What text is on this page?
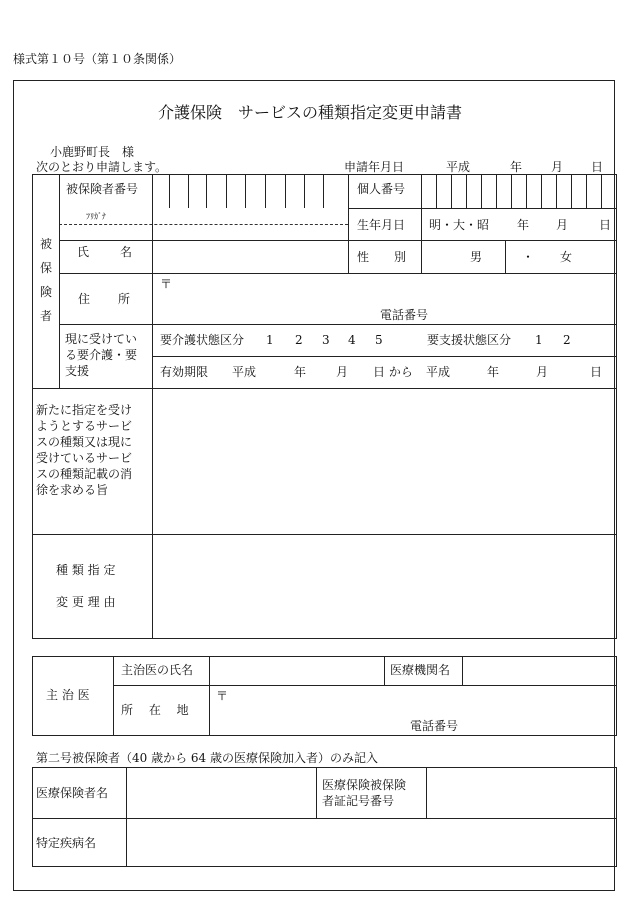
様式第１０号（第１０条関係）
介護保険　サービスの種類指定変更申請書
小鹿野町長　様
次のとおり申請します。	申請年月日	平成	年 月 日
被
保
険
者
被保険者番号	個人番号
ﾌﾘｶﾞﾅ
氏	名
生年月日 明・大・昭 年 月	日
性 別	男	・ 女
住 所
〒
電話番号
現に受けてい
る要介護・要
支援
要介護状態区分 1 2 3 4 5	要支援状態区分 1 2
有効期限 平成	年 月 日 から 平成	年	月	日
新たに指定を受け
ようとするサービ
スの種類又は現に
受けているサービ
スの種類記載の消
徐を求める旨
種 類 指 定
変 更 理 由
主 治 医
主治医の氏名	医療機関名
所　 在　 地
〒
電話番号
第二号被保険者（40 歳から 64 歳の医療保険加入者）のみ記入
医療保険者名
医療保険被保険
者証記号番号
特定疾病名
